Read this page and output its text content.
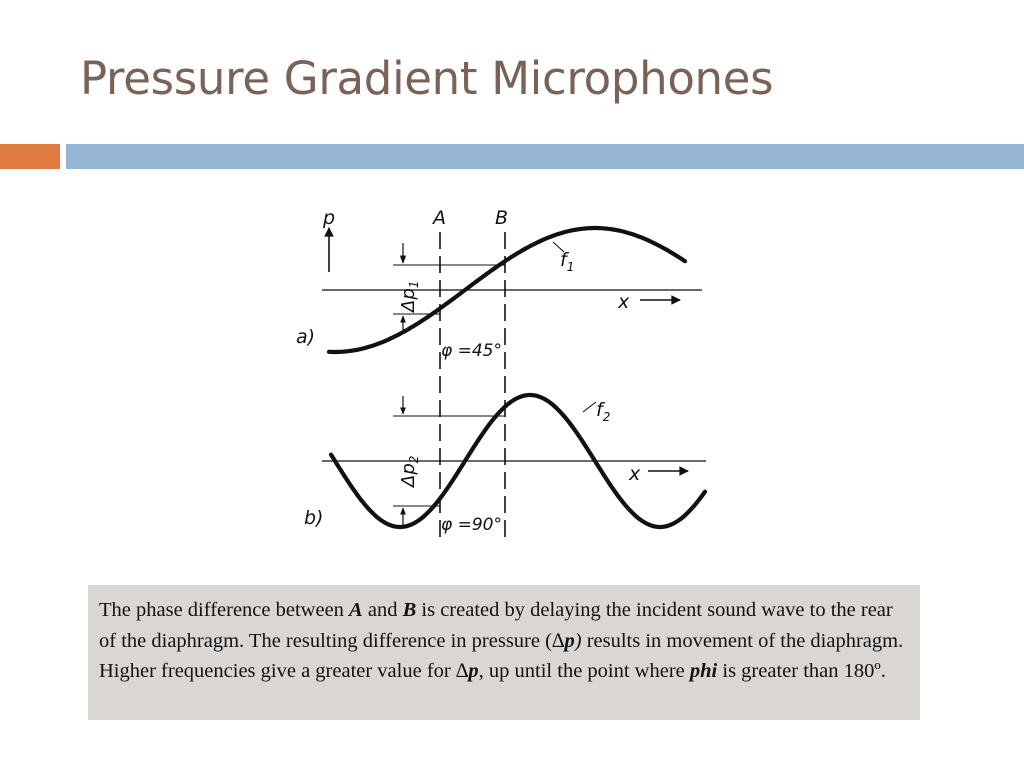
Pressure Gradient Microphones
p
x
$\Delta p_1$
A	B
$f_1$
a)
φ =45°
x
$\Delta p_2$
$f_2$
b)	φ =90°
The phase difference between A and B is created by delaying the incident sound wave to the rear of the diaphragm. The resulting difference in pressure (∆p) results in movement of the diaphragm. Higher frequencies give a greater value for ∆p, up until the point where phi is greater than 180º.
